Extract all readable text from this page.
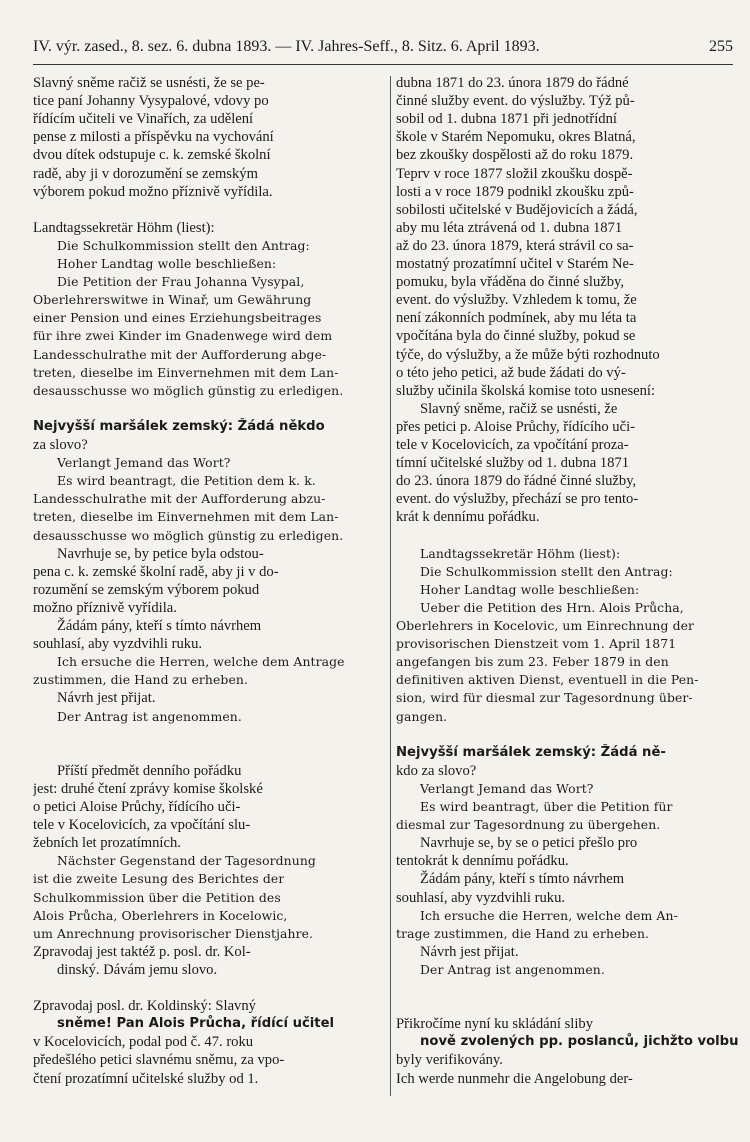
IV. výr. zased., 8. sez. 6. dubna 1893. — IV. Jahres-Seff., 8. Sitz. 6. April 1893.	255
Slavný sněme račiž se usnésti, že se pe-
tice paní Johanny Vysypalové, vdovy po
řídícím učiteli ve Vinařích, za udělení
pense z milosti a příspěvku na vychování
dvou dítek odstupuje c. k. zemské školní
radě, aby ji v dorozumění se zemským
výborem pokud možno příznivě vyřídila.
Landtagssekretär Höhm (liest):
Die Schulkommission stellt den Antrag:
Hoher Landtag wolle beschließen:
Die Petition der Frau Johanna Vysypal,
Oberlehrerswitwe in Winař, um Gewährung
einer Pension und eines Erziehungsbeitrages
für ihre zwei Kinder im Gnadenwege wird dem
Landesschulrathe mit der Aufforderung abge-
treten, dieselbe im Einvernehmen mit dem Lan-
desausschusse wo möglich günstig zu erledigen.
Nejvyšší maršálek zemský: Žádá někdo
za slovo?
Verlangt Jemand das Wort?
Es wird beantragt, die Petition dem k. k.
Landesschulrathe mit der Aufforderung abzu-
treten, dieselbe im Einvernehmen mit dem Lan-
desausschusse wo möglich günstig zu erledigen.
Navrhuje se, by petice byla odstou-
pena c. k. zemské školní radě, aby ji v do-
rozumění se zemským výborem pokud
možno příznivě vyřídila.
Žádám pány, kteří s tímto návrhem
souhlasí, aby vyzdvihli ruku.
Ich ersuche die Herren, welche dem Antrage
zustimmen, die Hand zu erheben.
Návrh jest přijat.
Der Antrag ist angenommen.
Příští předmět denního pořádku
jest: druhé čtení zprávy komise školské
o petici Aloise Průchy, řídícího uči-
tele v Kocelovicích, za vpočítání slu-
žebních let prozatímních.
Nächster Gegenstand der Tagesordnung
ist die zweite Lesung des Berichtes der
Schulkommission über die Petition des
Alois Průcha, Oberlehrers in Kocelowic,
um Anrechnung provisorischer Dienstjahre.
Zpravodaj jest taktéž p. posl. dr. Kol-
dinský. Dávám jemu slovo.
Zpravodaj posl. dr. Koldinský: Slavný
sněme! Pan Alois Průcha, řídící učitel
v Kocelovicích, podal pod č. 47. roku
předešlého petici slavnému sněmu, za vpo-
čtení prozatímní učitelské služby od 1.
dubna 1871 do 23. února 1879 do řádné
činné služby event. do výslužby. Týž pů-
sobil od 1. dubna 1871 při jednotřídní
škole v Starém Nepomuku, okres Blatná,
bez zkoušky dospělosti až do roku 1879.
Teprv v roce 1877 složil zkoušku dospě-
losti a v roce 1879 podnikl zkoušku způ-
sobilosti učitelské v Budějovicích a žádá,
aby mu léta ztrávená od 1. dubna 1871
až do 23. února 1879, která strávil co sa-
mostatný prozatímní učitel v Starém Ne-
pomuku, byla vřáděna do činné služby,
event. do výslužby. Vzhledem k tomu, že
není zákonních podmínek, aby mu léta ta
vpočítána byla do činné služby, pokud se
týče, do výslužby, a že může býti rozhodnuto
o této jeho petici, až bude žádati do vý-
služby učinila školská komise toto usnesení:
Slavný sněme, račiž se usnésti, že
přes petici p. Aloise Průchy, řídícího uči-
tele v Kocelovicích, za vpočítání proza-
tímní učitelské služby od 1. dubna 1871
do 23. února 1879 do řádné činné služby,
event. do výslužby, přechází se pro tento-
krát k dennímu pořádku.
Landtagssekretär Höhm (liest):
Die Schulkommission stellt den Antrag:
Hoher Landtag wolle beschließen:
Ueber die Petition des Hrn. Alois Průcha,
Oberlehrers in Kocelovic, um Einrechnung der
provisorischen Dienstzeit vom 1. April 1871
angefangen bis zum 23. Feber 1879 in den
definitiven aktiven Dienst, eventuell in die Pen-
sion, wird für diesmal zur Tagesordnung über-
gangen.
Nejvyšší maršálek zemský: Žádá ně-
kdo za slovo?
Verlangt Jemand das Wort?
Es wird beantragt, über die Petition für
diesmal zur Tagesordnung zu übergehen.
Navrhuje se, by se o petici přešlo pro
tentokrát k dennímu pořádku.
Žádám pány, kteří s tímto návrhem
souhlasí, aby vyzdvihli ruku.
Ich ersuche die Herren, welche dem An-
trage zustimmen, die Hand zu erheben.
Návrh jest přijat.
Der Antrag ist angenommen.
Přikročíme nyní ku skládání sliby
nově zvolených pp. poslanců, jichžto volbu
byly verifikovány.
Ich werde nunmehr die Angelobung der-
